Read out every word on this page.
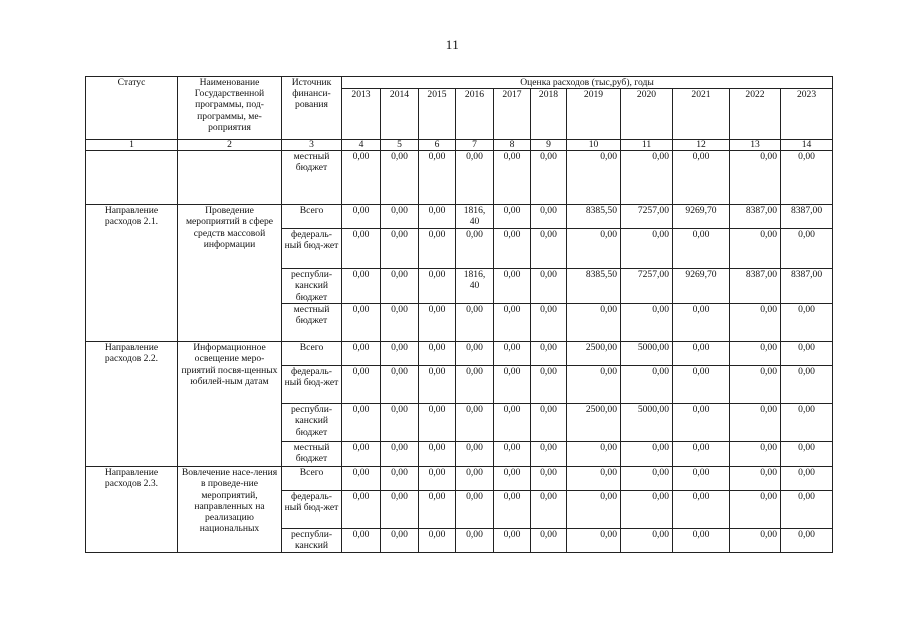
11
Статус	Наименование Государственной программы, под-программы, ме-роприятия	Источник финанси-рования	Оценка расходов (тыс,руб), годы										
			2013	2014	2015	2016	2017	2018	2019	2020	2021	2022	2023
1	2	3	4	5	6	7	8	9	10	11	12	13	14
		местный бюджет	0,00	0,00	0,00	0,00	0,00	0,00	0,00	0,00	0,00	0,00	0,00
Направление расходов 2.1.	Проведение мероприятий в сфере средств массовой информации	Всего	0,00	0,00	0,00	1816, 40	0,00	0,00	8385,50	7257,00	9269,70	8387,00	8387,00
		федераль-ный бюд-жет	0,00	0,00	0,00	0,00	0,00	0,00	0,00	0,00	0,00	0,00	0,00
		республи-канский бюджет	0,00	0,00	0,00	1816, 40	0,00	0,00	8385,50	7257,00	9269,70	8387,00	8387,00
		местный бюджет	0,00	0,00	0,00	0,00	0,00	0,00	0,00	0,00	0,00	0,00	0,00
Направление расходов 2.2.	Информационное освещение меро-приятий посвя-щенных юбилей-ным датам	Всего	0,00	0,00	0,00	0,00	0,00	0,00	2500,00	5000,00	0,00	0,00	0,00
		федераль-ный бюд-жет	0,00	0,00	0,00	0,00	0,00	0,00	0,00	0,00	0,00	0,00	0,00
		республи-канский бюджет	0,00	0,00	0,00	0,00	0,00	0,00	2500,00	5000,00	0,00	0,00	0,00
		местный бюджет	0,00	0,00	0,00	0,00	0,00	0,00	0,00	0,00	0,00	0,00	0,00
Направление расходов 2.3.	Вовлечение насе-ления в проведе-ние мероприятий, направленных на реализацию национальных	Всего	0,00	0,00	0,00	0,00	0,00	0,00	0,00	0,00	0,00	0,00	0,00
		федераль-ный бюд-жет	0,00	0,00	0,00	0,00	0,00	0,00	0,00	0,00	0,00	0,00	0,00
		республи-канский	0,00	0,00	0,00	0,00	0,00	0,00	0,00	0,00	0,00	0,00	0,00
